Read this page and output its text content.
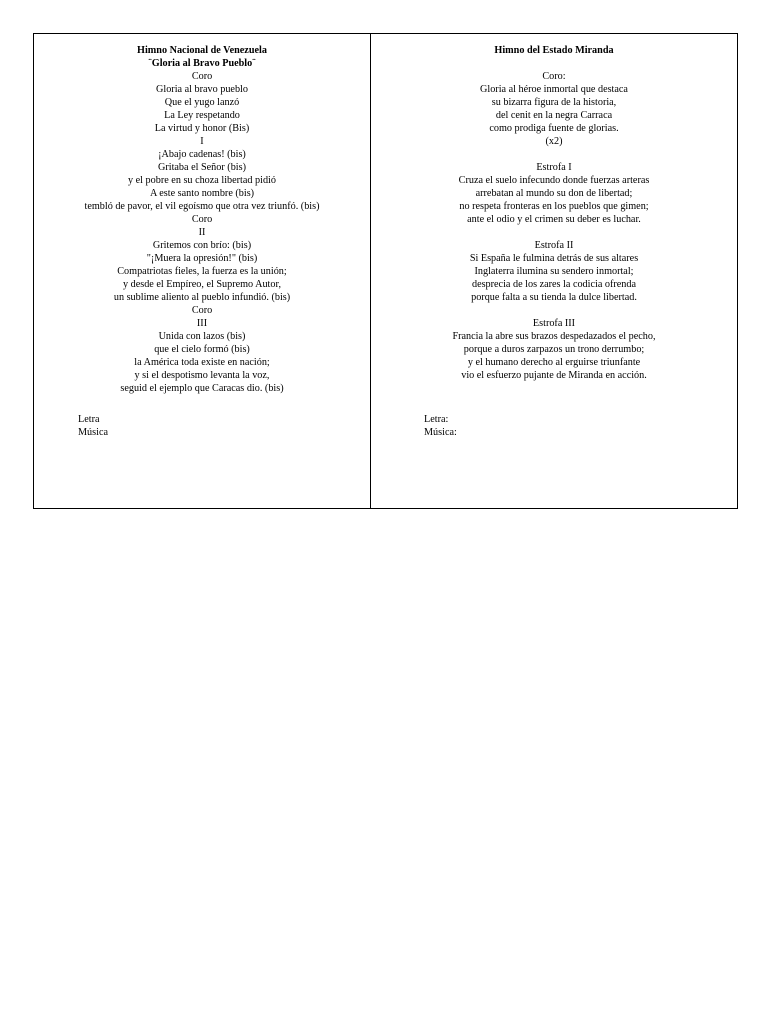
Himno Nacional de Venezuela
¨Gloria al Bravo Pueblo¨
Coro
Gloria al bravo pueblo
Que el yugo lanzó
La Ley respetando
La virtud y honor (Bis)
I
¡Abajo cadenas! (bis)
Gritaba el Señor (bis)
y el pobre en su choza libertad pidió
A este santo nombre (bis)
tembló de pavor, el vil egoísmo que otra vez triunfó. (bis)
Coro
II
Gritemos con brío: (bis)
"¡Muera la opresión!" (bis)
Compatriotas fieles, la fuerza es la unión;
y desde el Empíreo, el Supremo Autor,
un sublime aliento al pueblo infundió. (bis)
Coro
III
Unida con lazos (bis)
que el cielo formó (bis)
la América toda existe en nación;
y si el despotismo levanta la voz,
seguid el ejemplo que Caracas dio. (bis)
Letra
Música
Himno del Estado Miranda
Coro:
Gloria al héroe inmortal que destaca
su bizarra figura de la historia,
del cenit en la negra Carraca
como prodiga fuente de glorias.
(x2)
Estrofa I
Cruza el suelo infecundo donde fuerzas arteras
arrebatan al mundo su don de libertad;
no respeta fronteras en los pueblos que gimen;
ante el odio y el crimen su deber es luchar.
Estrofa II
Si España le fulmina detrás de sus altares
Inglaterra ilumina su sendero inmortal;
desprecia de los zares la codicia ofrenda
porque falta a su tienda la dulce libertad.
Estrofa III
Francia la abre sus brazos despedazados el pecho,
porque a duros zarpazos un trono derrumbo;
y el humano derecho al erguirse triunfante
vio el esfuerzo pujante de Miranda en acción.
Letra:
Música:
